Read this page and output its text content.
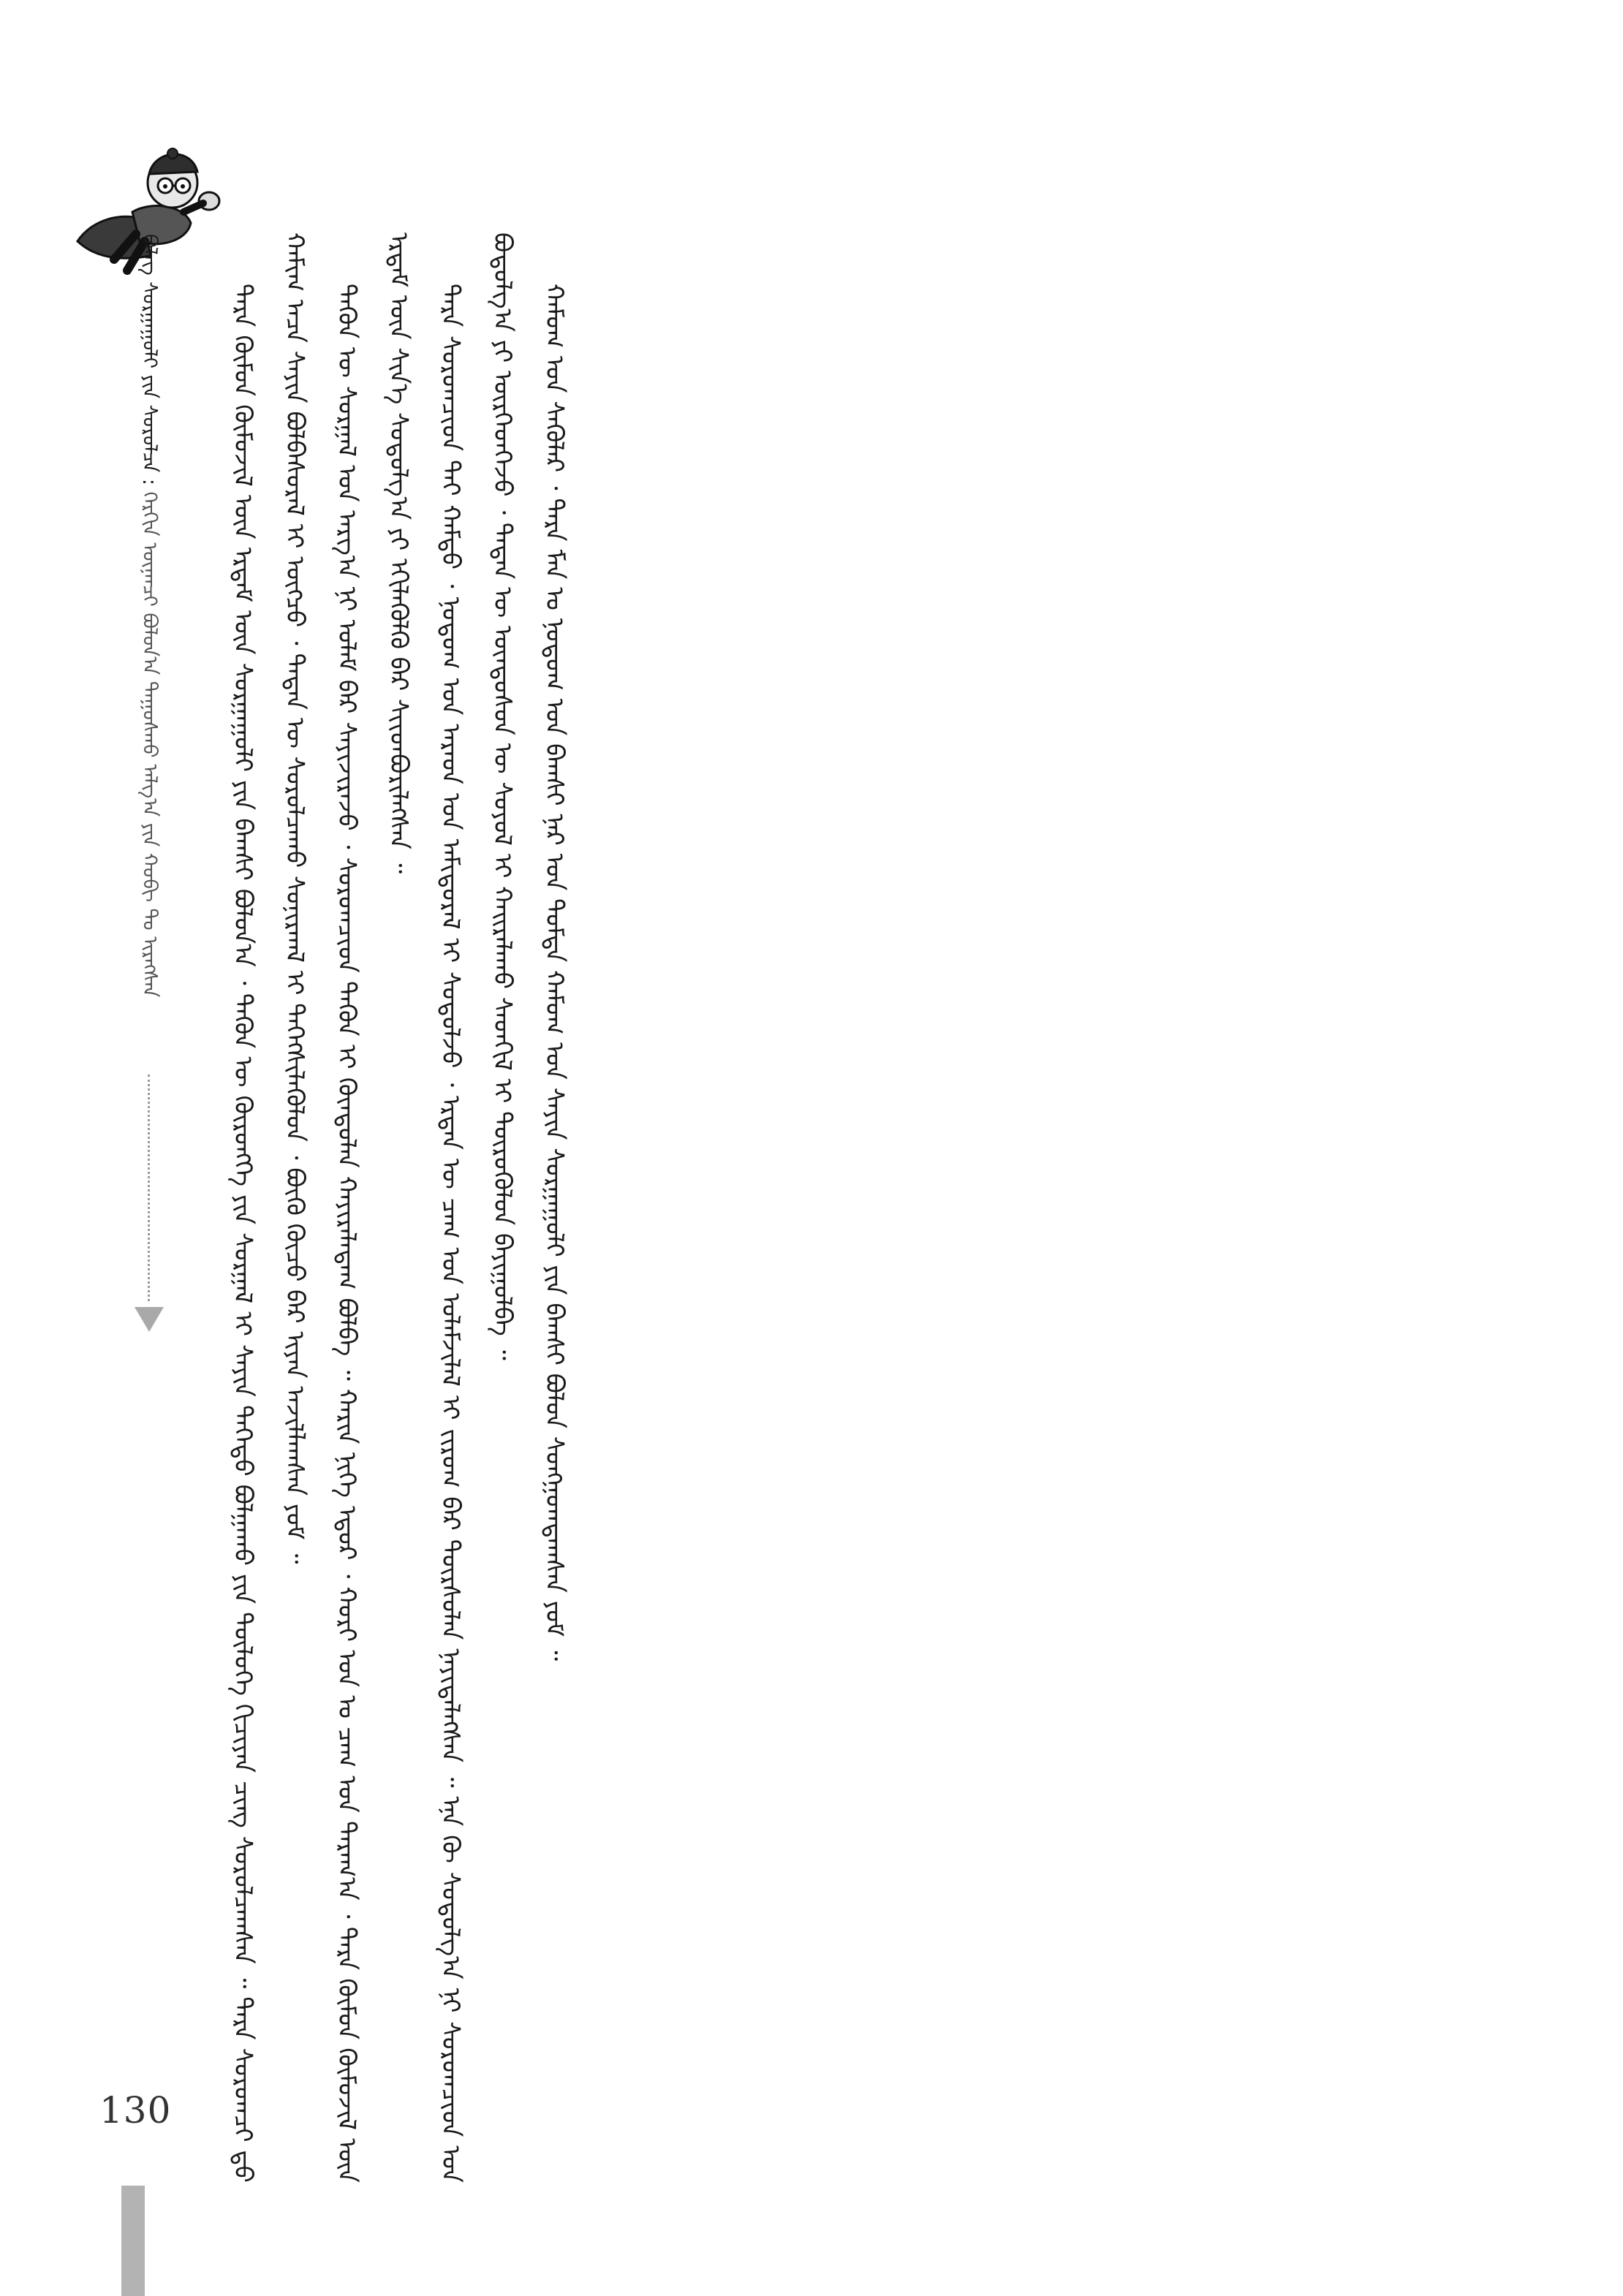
ᠪᠡᠯᠡᠭ ᠰᠤᠷᠭᠠᠭᠤᠯᠢ ᠶᠢᠨ ᠰᠤᠷᠤᠯᠴᠠ : ᠬᠡᠷᠬᠢᠨ ᠦᠨᠡᠨᠴᠢ ᠪᠣᠯᠤᠨ᠎ᠠ ᠳᠠᠭᠤᠰᠬᠤ ᠠᠯᠭ᠎ᠠ ᠶᠢᠨ ᠬᠤᠪᠢ ᠲᠤ ᠢᠷᠡᠭᠰᠡᠨ	ᠲᠡᠷᠡ ᠬᠦᠮᠦᠨ ᠬᠥᠮᠦᠵᠢᠯ ᠦᠨ ᠡᠷᠳᠡᠮ ᠦᠨ ᠰᠤᠷᠭᠠᠭᠤᠯᠢ ᠶᠢᠨ ᠪᠠᠭᠰᠢ ᠪᠣᠯᠤᠨ᠎ᠠ ᠂ ᠲᠡᠭᠦᠨ ᠦ ᠬᠥᠷᠥᠩᠭᠡ ᠶᠢᠨ ᠰᠤᠷᠭᠠᠯ ᠢ ᠰᠠᠶᠢᠨ ᠳᠡᠭᠡᠳᠦ ᠪᠣᠯᠭᠠᠬᠤ ᠶᠢᠨ ᠲᠥᠯᠥᠭᠡ ᠬᠢᠴᠢᠶᠡᠨ ᠴᠢᠩ ᠰᠤᠷᠤᠯᠴᠠᠭᠰᠠᠨ ᠃ ᠲᠡᠷᠡ ᠰᠤᠷᠤᠭᠴᠢ ᠳ᠋ᠤ ᠬᠠᠮᠢᠭ ᠠᠴᠠ ᠰᠠᠶᠢᠨ ᠪᠣᠯᠪᠠᠰᠤᠷᠠᠯ ᠢ ᠥᠭᠴᠦ ᠂ ᠲᠡᠳᠡᠨ ᠦ ᠰᠤᠷᠤᠯᠴᠠᠬᠤ ᠰᠣᠨᠢᠷᠬᠠᠯ ᠢ ᠳᠡᠭᠡᠭᠰᠢᠯᠡᠭᠦᠯᠦᠨ ᠂ ᠪᠦᠬᠦ ᠬᠦᠴᠦ ᠪᠡᠷ ᠢᠶᠠᠨ ᠠᠵᠢᠯᠯᠠᠭᠰᠠᠨ ᠶᠤᠮ ᠃ ᠲᠡᠭᠦᠨ ᠦ ᠰᠤᠷᠭᠠᠯ ᠤᠨ ᠠᠷᠭ᠎ᠠ ᠨᠢ ᠤᠯᠠᠮ ᠪᠠᠷ ᠰᠠᠶᠢᠵᠢᠷᠠᠵᠤ ᠂ ᠰᠤᠷᠤᠭᠴᠢᠳ ᠲᠡᠭᠦᠨ ᠢ ᠬᠦᠨᠳᠦᠯᠡᠨ ᠬᠠᠶᠢᠷᠠᠯᠠᠳᠠᠭ ᠪᠣᠯᠪᠠ ᠃ ᠬᠠᠷᠢᠨ ᠨᠢᠭᠡ ᠡᠳᠦᠷ ᠂ ᠬᠣᠷᠢ ᠣᠨ ᠤ ᠴᠠᠭ ᠤᠨ ᠳᠠᠷᠠᠭ᠎ᠠ ᠂ ᠲᠡᠷᠡ ᠬᠦᠮᠦᠨ ᠬᠥᠮᠦᠵᠢᠯ ᠦᠨ ᠡᠷᠳᠡᠮ ᠦᠨ ᠰᠢᠨ᠎ᠡ ᠰᠤᠳᠤᠯᠭ᠎ᠠ ᠶᠢ ᠡᠬᠢᠯᠡᠭᠦᠯᠬᠦ ᠪᠡᠷ ᠰᠢᠢᠳᠪᠦᠷᠢᠯᠡᠭᠰᠡᠨ ᠃ ᠲᠡᠷᠡ ᠰᠤᠷᠤᠭᠴᠢᠳ ᠲᠠᠢ ᠬᠠᠮᠲᠤ ᠂ ᠨᠤᠲᠤᠭ ᠤᠨ ᠠᠷᠠᠳ ᠤᠨ ᠠᠮᠢᠳᠤᠷᠠᠯ ᠢ ᠰᠤᠳᠤᠯᠵᠤ ᠂ ᠡᠷᠲᠡᠨ ᠦ ᠴᠠᠭ ᠤᠨ ᠤᠯᠠᠮᠵᠢᠯᠠᠯ ᠢ ᠵᠢᠷᠤᠭ ᠪᠡᠷ ᠳᠦᠷᠰᠦᠯᠡᠨ ᠨᠡᠶᠢᠲᠡᠯᠡᠭᠰᠡᠨ ᠃ ᠡᠨᠡ ᠬᠦ ᠰᠤᠳᠤᠯᠭ᠎ᠠ ᠨᠢ ᠰᠤᠷᠤᠭᠴᠢᠳ ᠤᠨ ᠪᠣᠳᠤᠯᠭ᠎ᠠ ᠶᠢ ᠥᠷᠭᠡᠳᠭᠡᠵᠦ ᠂ ᠲᠡᠳᠡᠨ ᠦ ᠦᠨᠳᠦᠰᠦᠨ ᠦ ᠰᠣᠶᠣᠯ ᠢ ᠬᠠᠢᠷᠠᠯᠠᠬᠤ ᠰᠡᠳᠬᠢᠯ ᠢ ᠲᠥᠷᠥᠭᠦᠯᠦᠨ ᠪᠠᠶᠢᠭᠤᠯᠪᠠ ᠃ ᠬᠠᠮᠤᠭ ᠤᠨ ᠰᠡᠭᠦᠯᠡᠷ ᠂ ᠲᠡᠷᠡ ᠮᠠᠨ ᠤ ᠨᠤᠲᠤᠭ ᠤᠨ ᠪᠠᠭᠰᠢ ᠨᠠᠷ ᠤᠨ ᠳᠤᠮᠳᠠ ᠬᠠᠮᠤᠭ ᠤᠨ ᠰᠠᠶᠢᠨ ᠰᠤᠷᠭᠠᠭᠤᠯᠢ ᠶᠢᠨ ᠪᠠᠭᠰᠢ ᠪᠣᠯᠤᠨ ᠰᠣᠩᠭᠣᠭᠳᠠᠭᠰᠠᠨ ᠶᠤᠮ ᠃

130
